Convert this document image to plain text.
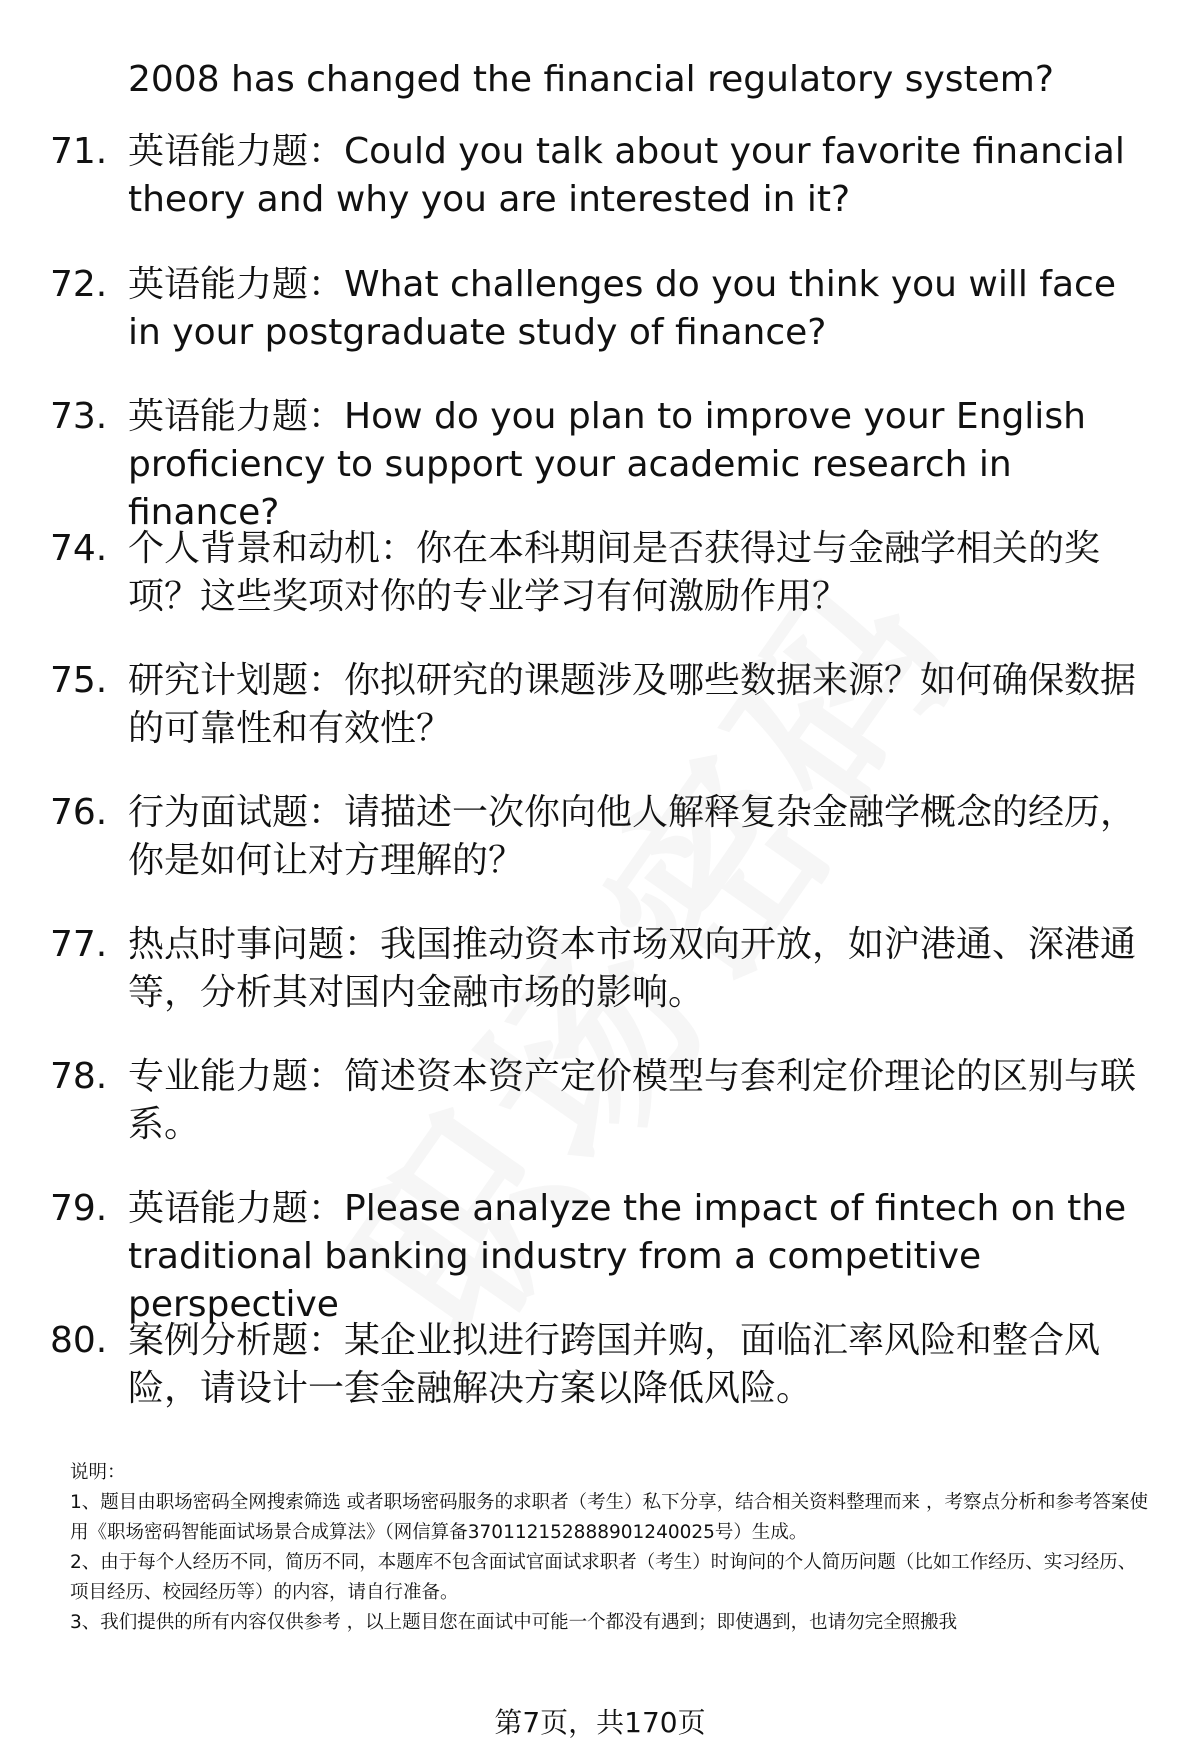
2008 has changed the financial regulatory system?
71. 英语能力题：Could you talk about your favorite financial theory and why you are interested in it?
72. 英语能力题：What challenges do you think you will face in your postgraduate study of finance?
73. 英语能力题：How do you plan to improve your English proficiency to support your academic research in finance?
74. 个人背景和动机：你在本科期间是否获得过与金融学相关的奖项？这些奖项对你的专业学习有何激励作用？
75. 研究计划题：你拟研究的课题涉及哪些数据来源？如何确保数据的可靠性和有效性？
76. 行为面试题：请描述一次你向他人解释复杂金融学概念的经历，你是如何让对方理解的？
77. 热点时事问题：我国推动资本市场双向开放，如沪港通、深港通等，分析其对国内金融市场的影响。
78. 专业能力题：简述资本资产定价模型与套利定价理论的区别与联系。
79. 英语能力题：Please analyze the impact of fintech on the traditional banking industry from a competitive perspective
80. 案例分析题：某企业拟进行跨国并购，面临汇率风险和整合风险，请设计一套金融解决方案以降低风险。

说明：

1、题目由职场密码全网搜索筛选 或者职场密码服务的求职者（考生）私下分享，结合相关资料整理而来 ，考察点分析和参考答案使用《职场密码智能面试场景合成算法》（网信算备370112152888901240025号）生成。

2、由于每个人经历不同，简历不同，本题库不包含面试官面试求职者（考生）时询问的个人简历问题（比如工作经历、实习经历、项目经历、校园经历等）的内容，请自行准备。

3、我们提供的所有内容仅供参考 ，以上题目您在面试中可能一个都没有遇到；即使遇到，也请勿完全照搬我

第7页，共170页
